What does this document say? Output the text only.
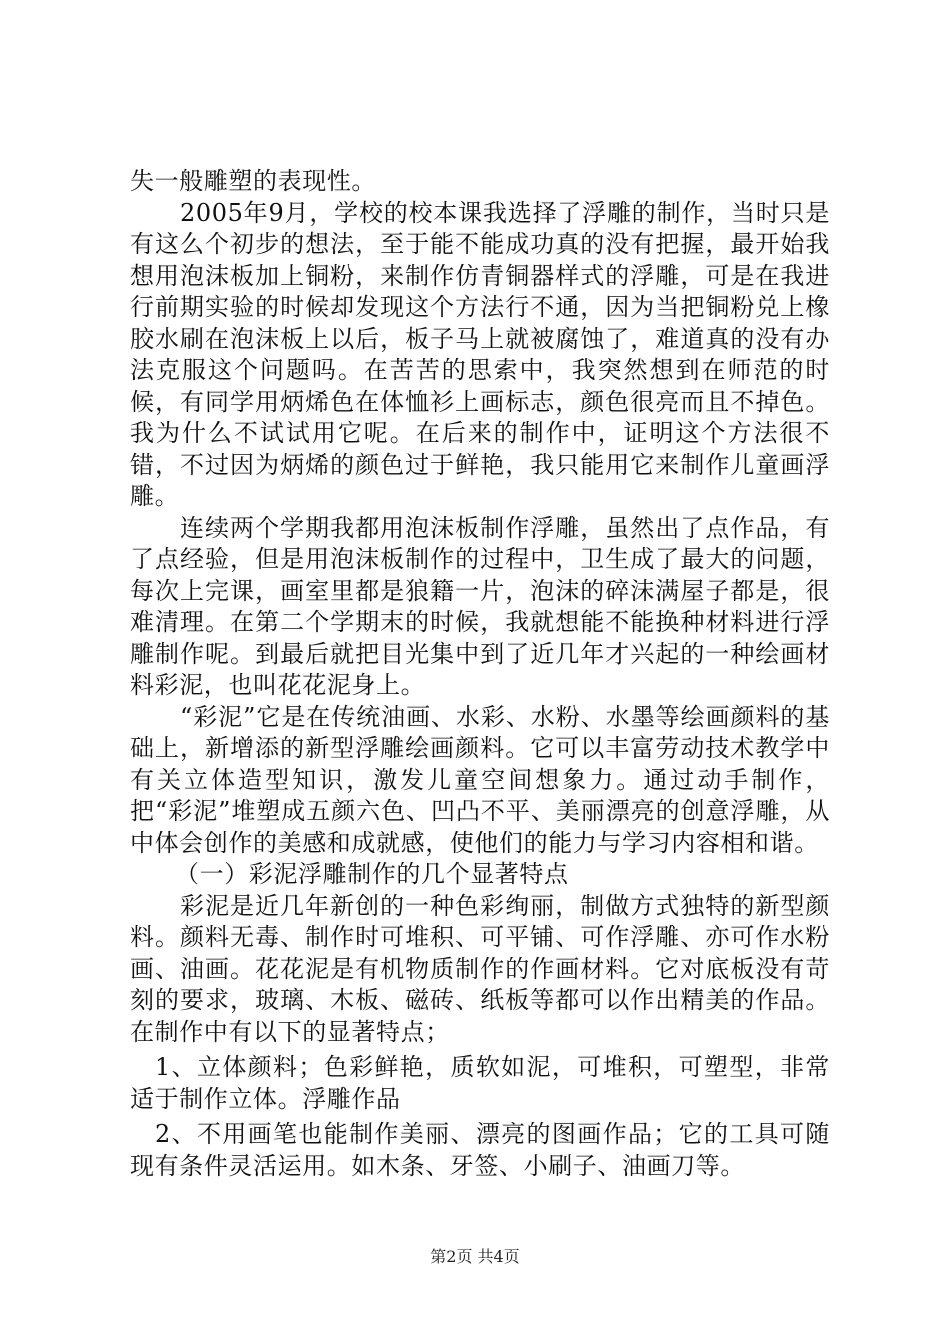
失一般雕塑的表现性。

2005年9月，学校的校本课我选择了浮雕的制作，当时只是有这么个初步的想法，至于能不能成功真的没有把握，最开始我想用泡沫板加上铜粉，来制作仿青铜器样式的浮雕，可是在我进行前期实验的时候却发现这个方法行不通，因为当把铜粉兑上橡胶水刷在泡沫板上以后，板子马上就被腐蚀了，难道真的没有办法克服这个问题吗。在苦苦的思索中，我突然想到在师范的时候，有同学用炳烯色在体恤衫上画标志，颜色很亮而且不掉色。我为什么不试试用它呢。在后来的制作中，证明这个方法很不错，不过因为炳烯的颜色过于鲜艳，我只能用它来制作儿童画浮雕。

连续两个学期我都用泡沫板制作浮雕，虽然出了点作品，有了点经验，但是用泡沫板制作的过程中，卫生成了最大的问题，每次上完课，画室里都是狼籍一片，泡沫的碎沫满屋子都是，很难清理。在第二个学期末的时候，我就想能不能换种材料进行浮雕制作呢。到最后就把目光集中到了近几年才兴起的一种绘画材料彩泥，也叫花花泥身上。

“彩泥”它是在传统油画、水彩、水粉、水墨等绘画颜料的基础上，新增添的新型浮雕绘画颜料。它可以丰富劳动技术教学中有关立体造型知识，激发儿童空间想象力。通过动手制作，把“彩泥”堆塑成五颜六色、凹凸不平、美丽漂亮的创意浮雕，从中体会创作的美感和成就感，使他们的能力与学习内容相和谐。

（一）彩泥浮雕制作的几个显著特点

彩泥是近几年新创的一种色彩绚丽，制做方式独特的新型颜料。颜料无毒、制作时可堆积、可平铺、可作浮雕、亦可作水粉画、油画。花花泥是有机物质制作的作画材料。它对底板没有苛刻的要求，玻璃、木板、磁砖、纸板等都可以作出精美的作品。在制作中有以下的显著特点；

1、立体颜料；色彩鲜艳，质软如泥，可堆积，可塑型，非常适于制作立体。浮雕作品

2、不用画笔也能制作美丽、漂亮的图画作品；它的工具可随现有条件灵活运用。如木条、牙签、小刷子、油画刀等。

第2页 共4页
